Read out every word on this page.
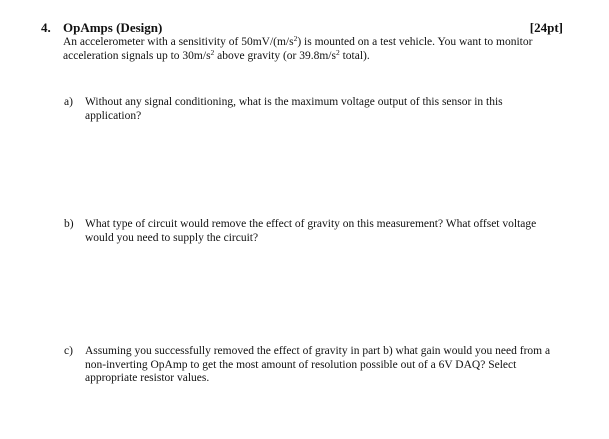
4. OpAmps (Design)	[24pt]
An accelerometer with a sensitivity of $50mV/(m/s^2)$ is mounted on a test vehicle. You want to monitor acceleration signals up to $30m/s^2$ above gravity (or $39.8m/s^2$ total).
a) Without any signal conditioning, what is the maximum voltage output of this sensor in this application?
b) What type of circuit would remove the effect of gravity on this measurement? What offset voltage would you need to supply the circuit?
c) Assuming you successfully removed the effect of gravity in part b) what gain would you need from a non-inverting OpAmp to get the most amount of resolution possible out of a 6V DAQ? Select appropriate resistor values.
